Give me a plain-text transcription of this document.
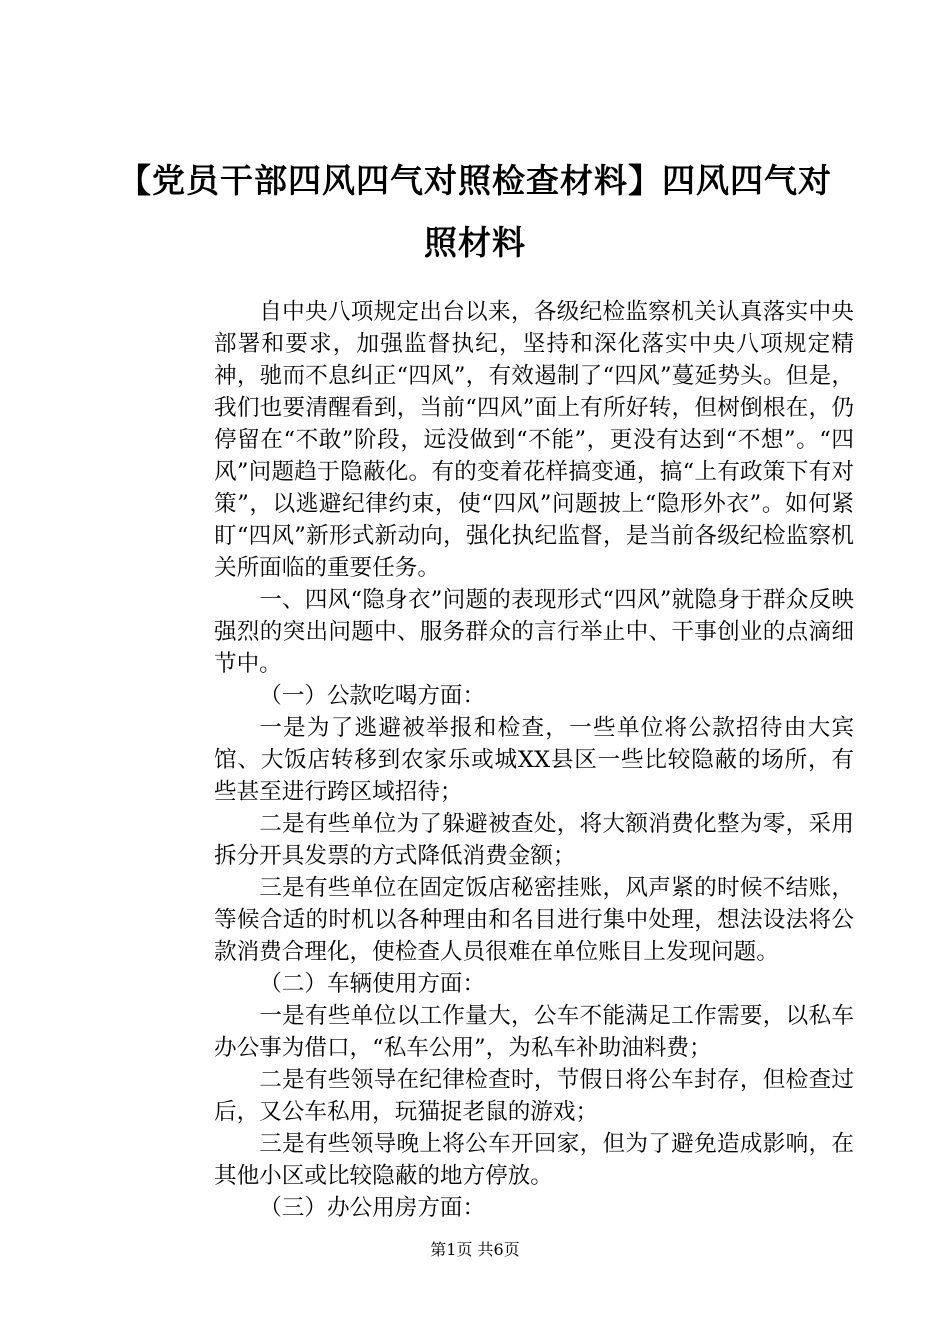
【党员干部四风四气对照检查材料】四风四气对照材料

自中央八项规定出台以来，各级纪检监察机关认真落实中央部署和要求，加强监督执纪，坚持和深化落实中央八项规定精神，驰而不息纠正“四风”，有效遏制了“四风”蔓延势头。但是，我们也要清醒看到，当前“四风”面上有所好转，但树倒根在，仍停留在“不敢”阶段，远没做到“不能”，更没有达到“不想”。“四风”问题趋于隐蔽化。有的变着花样搞变通，搞“上有政策下有对策”，以逃避纪律约束，使“四风”问题披上“隐形外衣”。如何紧盯“四风”新形式新动向，强化执纪监督，是当前各级纪检监察机关所面临的重要任务。

一、四风“隐身衣”问题的表现形式“四风”就隐身于群众反映强烈的突出问题中、服务群众的言行举止中、干事创业的点滴细节中。

（一）公款吃喝方面：

一是为了逃避被举报和检查，一些单位将公款招待由大宾馆、大饭店转移到农家乐或城XX县区一些比较隐蔽的场所，有些甚至进行跨区域招待；

二是有些单位为了躲避被查处，将大额消费化整为零，采用拆分开具发票的方式降低消费金额；

三是有些单位在固定饭店秘密挂账，风声紧的时候不结账，等候合适的时机以各种理由和名目进行集中处理，想法设法将公款消费合理化，使检查人员很难在单位账目上发现问题。

（二）车辆使用方面：

一是有些单位以工作量大，公车不能满足工作需要，以私车办公事为借口，“私车公用”，为私车补助油料费；

二是有些领导在纪律检查时，节假日将公车封存，但检查过后，又公车私用，玩猫捉老鼠的游戏；

三是有些领导晚上将公车开回家，但为了避免造成影响，在其他小区或比较隐蔽的地方停放。

（三）办公用房方面：

第1页 共6页
